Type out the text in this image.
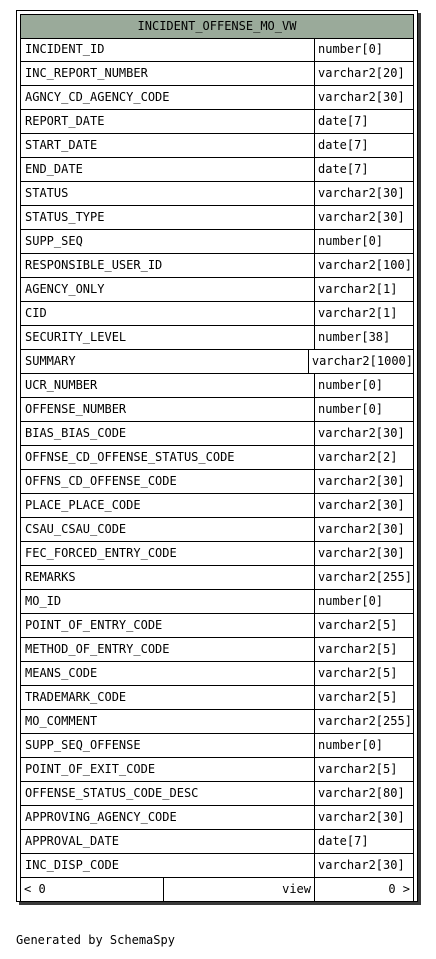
INCIDENT_OFFENSE_MO_VW
INCIDENT_ID	number[0]
INC_REPORT_NUMBER	varchar2[20]
AGNCY_CD_AGENCY_CODE	varchar2[30]
REPORT_DATE	date[7]
START_DATE	date[7]
END_DATE	date[7]
STATUS	varchar2[30]
STATUS_TYPE	varchar2[30]
SUPP_SEQ	number[0]
RESPONSIBLE_USER_ID	varchar2[100]
AGENCY_ONLY	varchar2[1]
CID	varchar2[1]
SECURITY_LEVEL	number[38]
SUMMARY	varchar2[1000]
UCR_NUMBER	number[0]
OFFENSE_NUMBER	number[0]
BIAS_BIAS_CODE	varchar2[30]
OFFNSE_CD_OFFENSE_STATUS_CODE	varchar2[2]
OFFNS_CD_OFFENSE_CODE	varchar2[30]
PLACE_PLACE_CODE	varchar2[30]
CSAU_CSAU_CODE	varchar2[30]
FEC_FORCED_ENTRY_CODE	varchar2[30]
REMARKS	varchar2[255]
MO_ID	number[0]
POINT_OF_ENTRY_CODE	varchar2[5]
METHOD_OF_ENTRY_CODE	varchar2[5]
MEANS_CODE	varchar2[5]
TRADEMARK_CODE	varchar2[5]
MO_COMMENT	varchar2[255]
SUPP_SEQ_OFFENSE	number[0]
POINT_OF_EXIT_CODE	varchar2[5]
OFFENSE_STATUS_CODE_DESC	varchar2[80]
APPROVING_AGENCY_CODE	varchar2[30]
APPROVAL_DATE	date[7]
INC_DISP_CODE	varchar2[30]
< 0	view	0 >
Generated by SchemaSpy
